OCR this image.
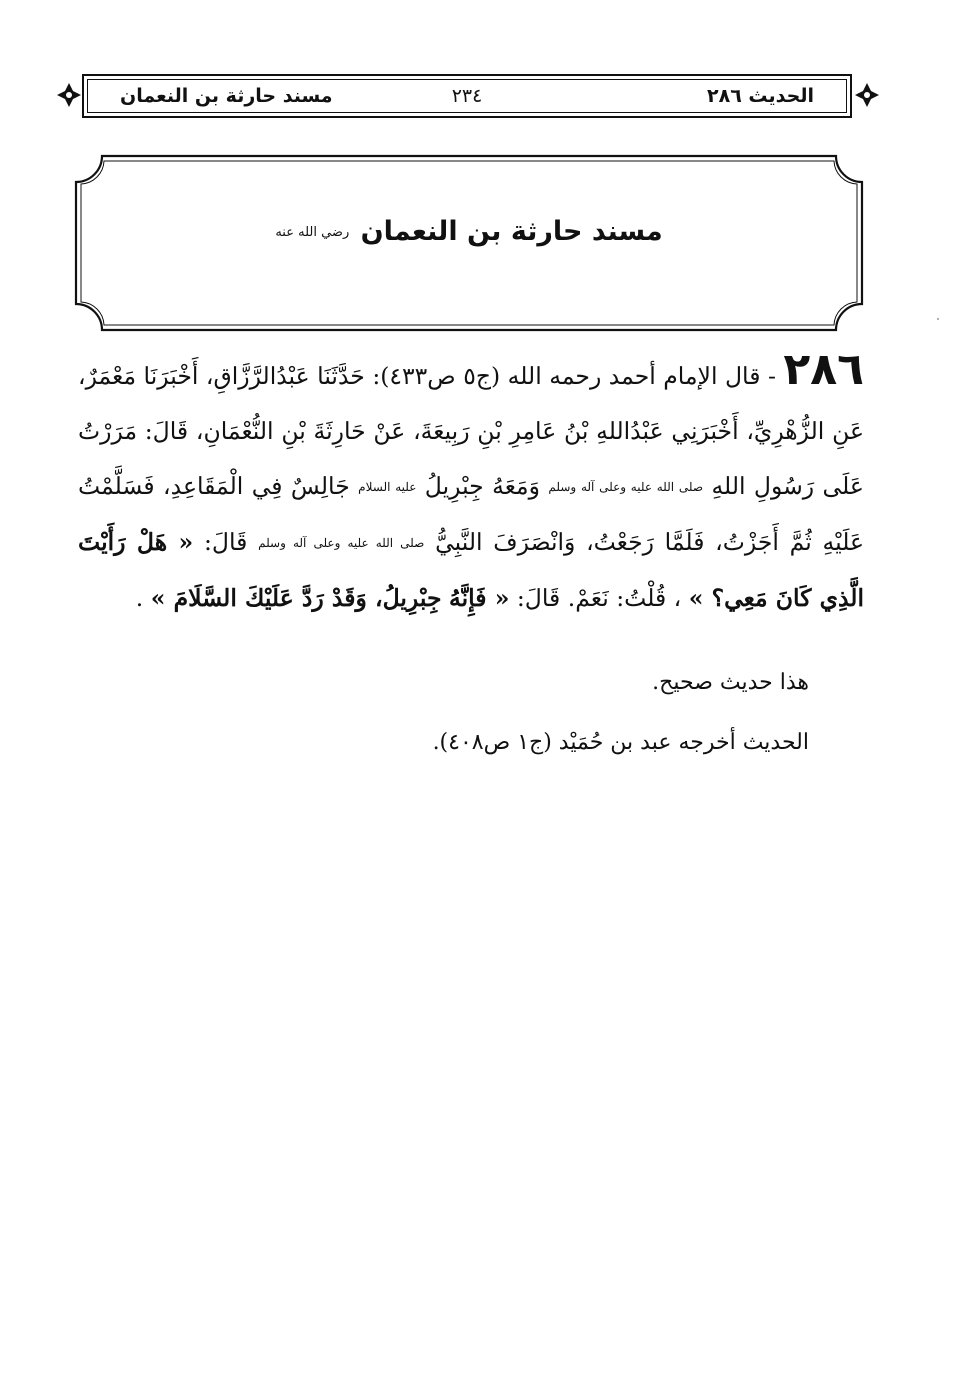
الحديث ٢٨٦
٢٣٤
مسند حارثة بن النعمان
مسند حارثة بن النعمان رضي الله عنه
٢٨٦ - قال الإمام أحمد رحمه الله (ج٥ ص٤٣٣): حَدَّثَنَا عَبْدُالرَّزَّاقِ، أَخْبَرَنَا مَعْمَرٌ، عَنِ الزُّهْرِيِّ، أَخْبَرَنِي عَبْدُاللهِ بْنُ عَامِرِ بْنِ رَبِيعَةَ، عَنْ حَارِثَةَ بْنِ النُّعْمَانِ، قَالَ: مَرَرْتُ عَلَى رَسُولِ اللهِ صلى الله عليه وعلى آله وسلم وَمَعَهُ جِبْرِيلُ عليه السلام جَالِسٌ فِي الْمَقَاعِدِ، فَسَلَّمْتُ عَلَيْهِ ثُمَّ أَجَزْتُ، فَلَمَّا رَجَعْتُ، وَانْصَرَفَ النَّبِيُّ صلى الله عليه وعلى آله وسلم قَالَ: « هَلْ رَأَيْتَ الَّذِي كَانَ مَعِي؟ » ، قُلْتُ: نَعَمْ. قَالَ: « فَإِنَّهُ جِبْرِيلُ، وَقَدْ رَدَّ عَلَيْكَ السَّلَامَ » .
هذا حديث صحيح.
الحديث أخرجه عبد بن حُمَيْد (ج١ ص٤٠٨).
